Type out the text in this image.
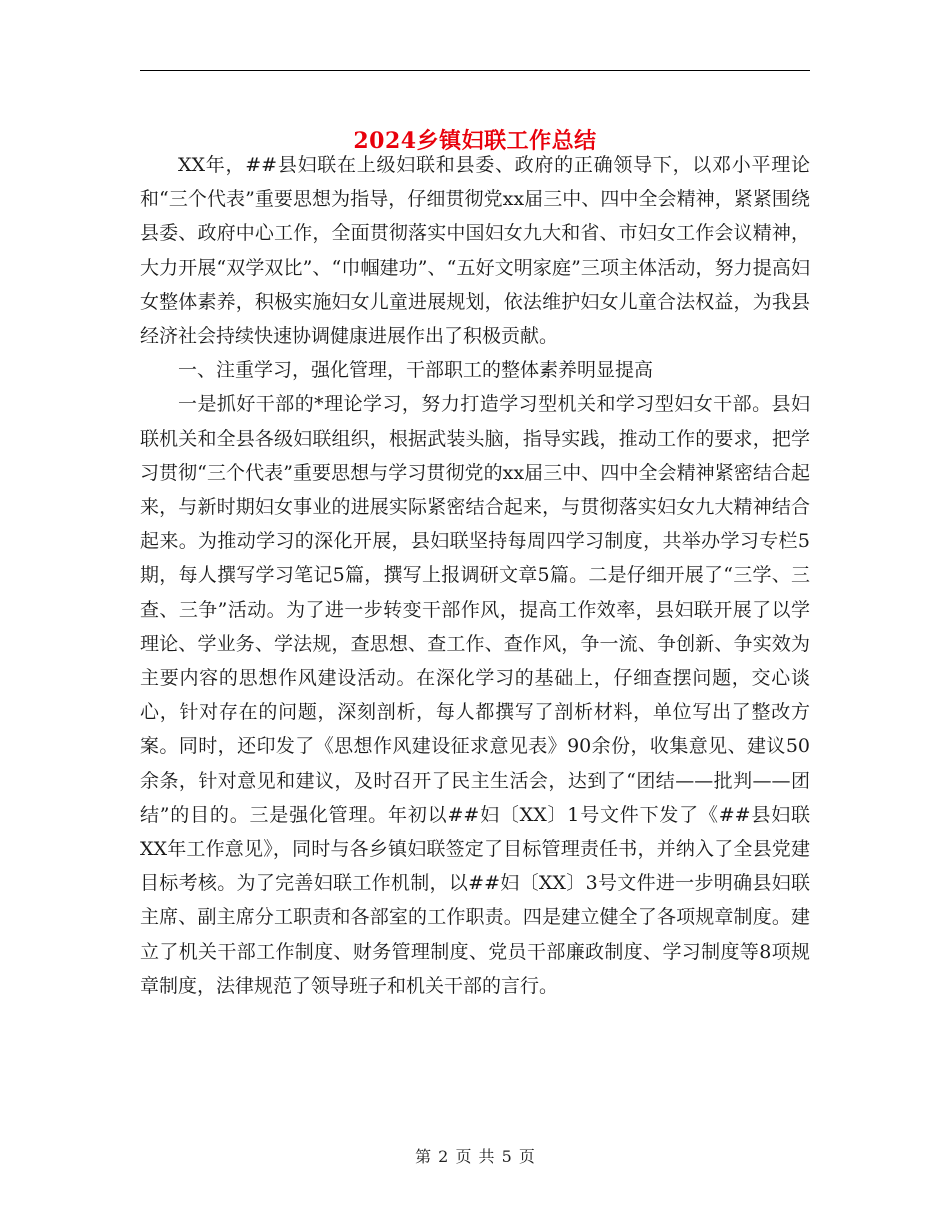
2024乡镇妇联工作总结

XX年，##县妇联在上级妇联和县委、政府的正确领导下，以邓小平理论和“三个代表”重要思想为指导，仔细贯彻党xx届三中、四中全会精神，紧紧围绕县委、政府中心工作，全面贯彻落实中国妇女九大和省、市妇女工作会议精神，大力开展“双学双比”、“巾帼建功”、“五好文明家庭”三项主体活动，努力提高妇女整体素养，积极实施妇女儿童进展规划，依法维护妇女儿童合法权益，为我县经济社会持续快速协调健康进展作出了积极贡献。

一、注重学习，强化管理，干部职工的整体素养明显提高

一是抓好干部的*理论学习，努力打造学习型机关和学习型妇女干部。县妇联机关和全县各级妇联组织，根据武装头脑，指导实践，推动工作的要求，把学习贯彻“三个代表”重要思想与学习贯彻党的xx届三中、四中全会精神紧密结合起来，与新时期妇女事业的进展实际紧密结合起来，与贯彻落实妇女九大精神结合起来。为推动学习的深化开展，县妇联坚持每周四学习制度，共举办学习专栏5期，每人撰写学习笔记5篇，撰写上报调研文章5篇。二是仔细开展了“三学、三查、三争”活动。为了进一步转变干部作风，提高工作效率，县妇联开展了以学理论、学业务、学法规，查思想、查工作、查作风，争一流、争创新、争实效为主要内容的思想作风建设活动。在深化学习的基础上，仔细查摆问题，交心谈心，针对存在的问题，深刻剖析，每人都撰写了剖析材料，单位写出了整改方案。同时，还印发了《思想作风建设征求意见表》90余份，收集意见、建议50余条，针对意见和建议，及时召开了民主生活会，达到了“团结——批判——团结”的目的。三是强化管理。年初以##妇〔XX〕1号文件下发了《##县妇联XX年工作意见》，同时与各乡镇妇联签定了目标管理责任书，并纳入了全县党建目标考核。为了完善妇联工作机制，以##妇〔XX〕3号文件进一步明确县妇联主席、副主席分工职责和各部室的工作职责。四是建立健全了各项规章制度。建立了机关干部工作制度、财务管理制度、党员干部廉政制度、学习制度等8项规章制度，法律规范了领导班子和机关干部的言行。

第 2 页 共 5 页
